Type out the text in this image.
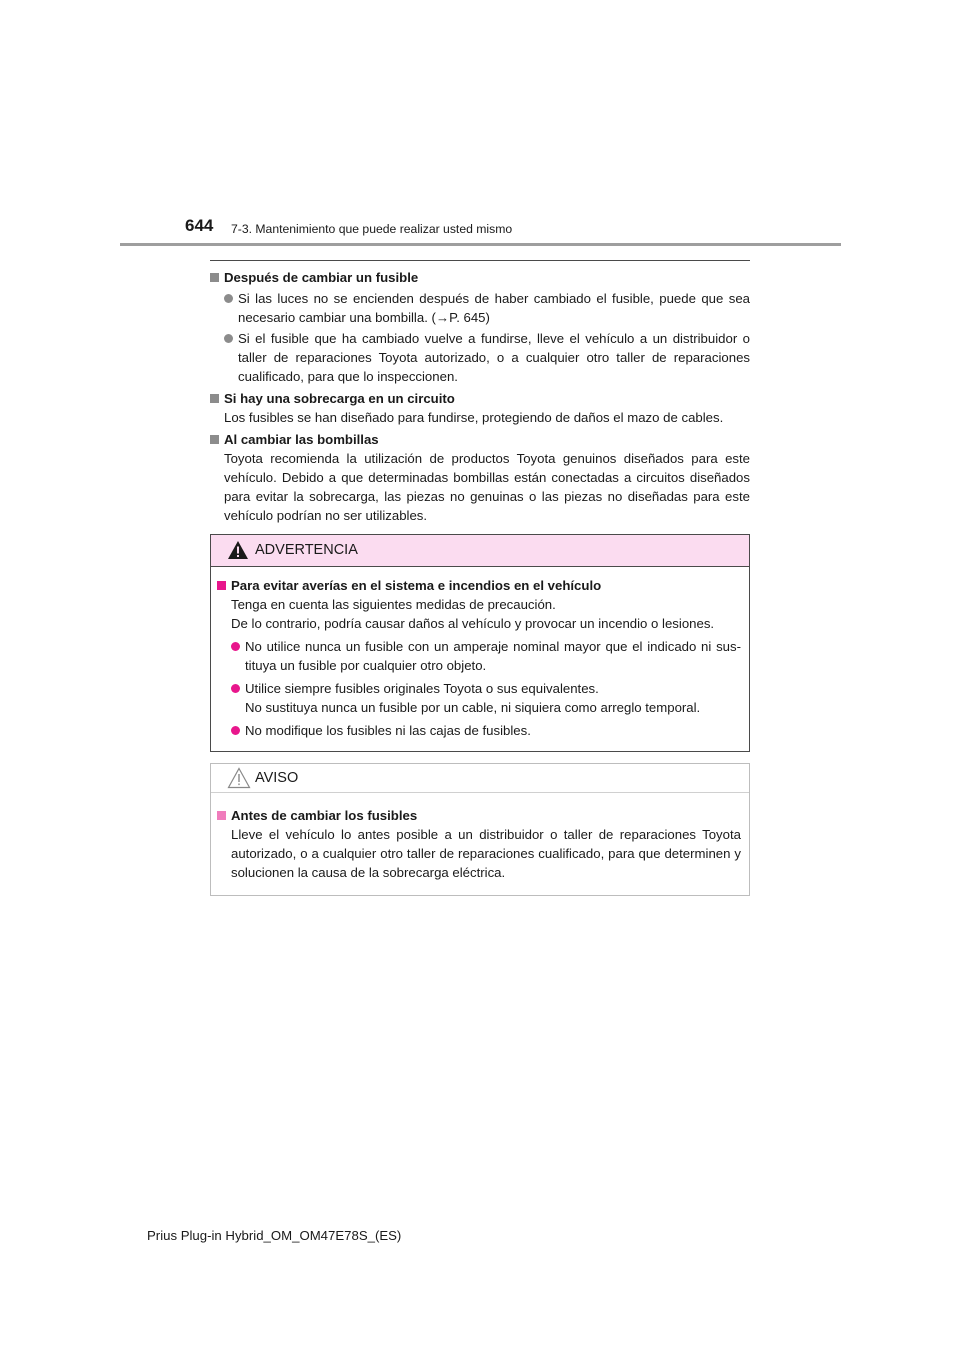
644 7-3. Mantenimiento que puede realizar usted mismo
Después de cambiar un fusible
Si las luces no se encienden después de haber cambiado el fusible, puede que sea necesario cambiar una bombilla. (→P. 645)
Si el fusible que ha cambiado vuelve a fundirse, lleve el vehículo a un distribuidor o taller de reparaciones Toyota autorizado, o a cualquier otro taller de reparaciones cualificado, para que lo inspeccionen.
Si hay una sobrecarga en un circuito
Los fusibles se han diseñado para fundirse, protegiendo de daños el mazo de cables.
Al cambiar las bombillas
Toyota recomienda la utilización de productos Toyota genuinos diseñados para este vehículo. Debido a que determinadas bombillas están conectadas a circuitos diseñados para evitar la sobrecarga, las piezas no genuinas o las piezas no diseñadas para este vehículo podrían no ser utilizables.
ADVERTENCIA
Para evitar averías en el sistema e incendios en el vehículo
Tenga en cuenta las siguientes medidas de precaución.
De lo contrario, podría causar daños al vehículo y provocar un incendio o lesiones.
No utilice nunca un fusible con un amperaje nominal mayor que el indicado ni sustituya un fusible por cualquier otro objeto.
Utilice siempre fusibles originales Toyota o sus equivalentes.
No sustituya nunca un fusible por un cable, ni siquiera como arreglo temporal.
No modifique los fusibles ni las cajas de fusibles.
AVISO
Antes de cambiar los fusibles
Lleve el vehículo lo antes posible a un distribuidor o taller de reparaciones Toyota autorizado, o a cualquier otro taller de reparaciones cualificado, para que determinen y solucionen la causa de la sobrecarga eléctrica.
Prius Plug-in Hybrid_OM_OM47E78S_(ES)
